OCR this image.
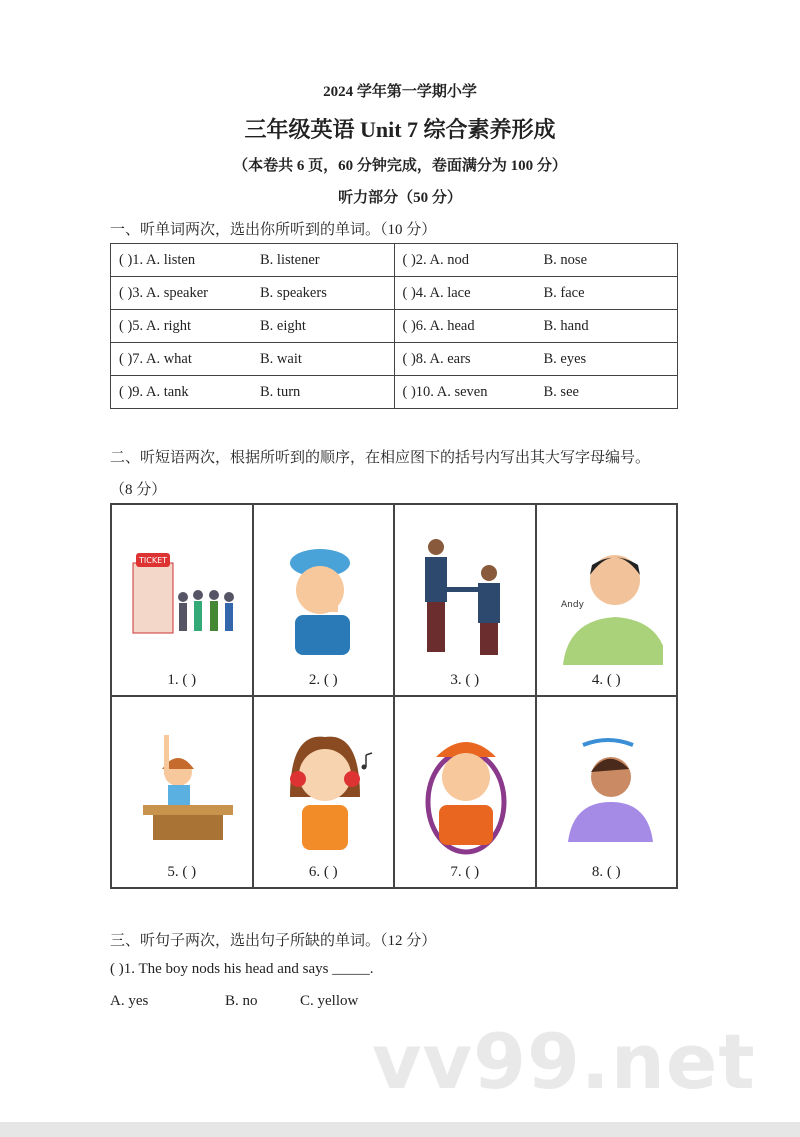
2024 学年第一学期小学
三年级英语 Unit 7 综合素养形成
（本卷共 6 页，60 分钟完成，卷面满分为 100 分）
听力部分（50 分）
一、听单词两次，选出你所听到的单词。（10 分）
( )1. A. listen B. listener	( )2. A. nod B. nose
( )3. A. speaker B. speakers	( )4. A. lace B. face
( )5. A. right B. eight	( )6. A. head B. hand
( )7. A. what B. wait	( )8. A. ears B. eyes
( )9. A. tank B. turn	( )10. A. seven B. see
二、听短语两次，根据所听到的顺序，在相应图下的括号内写出其大写字母编号。
（8 分）
TICKET
1. ( )	2. ( )	3. ( )
Andy
4. ( )
5. ( )	6. ( )	7. ( )	8. ( )
三、听句子两次，选出句子所缺的单词。（12 分）
( )1. The boy nods his head and says _____.
A. yes	B. no	C. yellow
vv99.net
